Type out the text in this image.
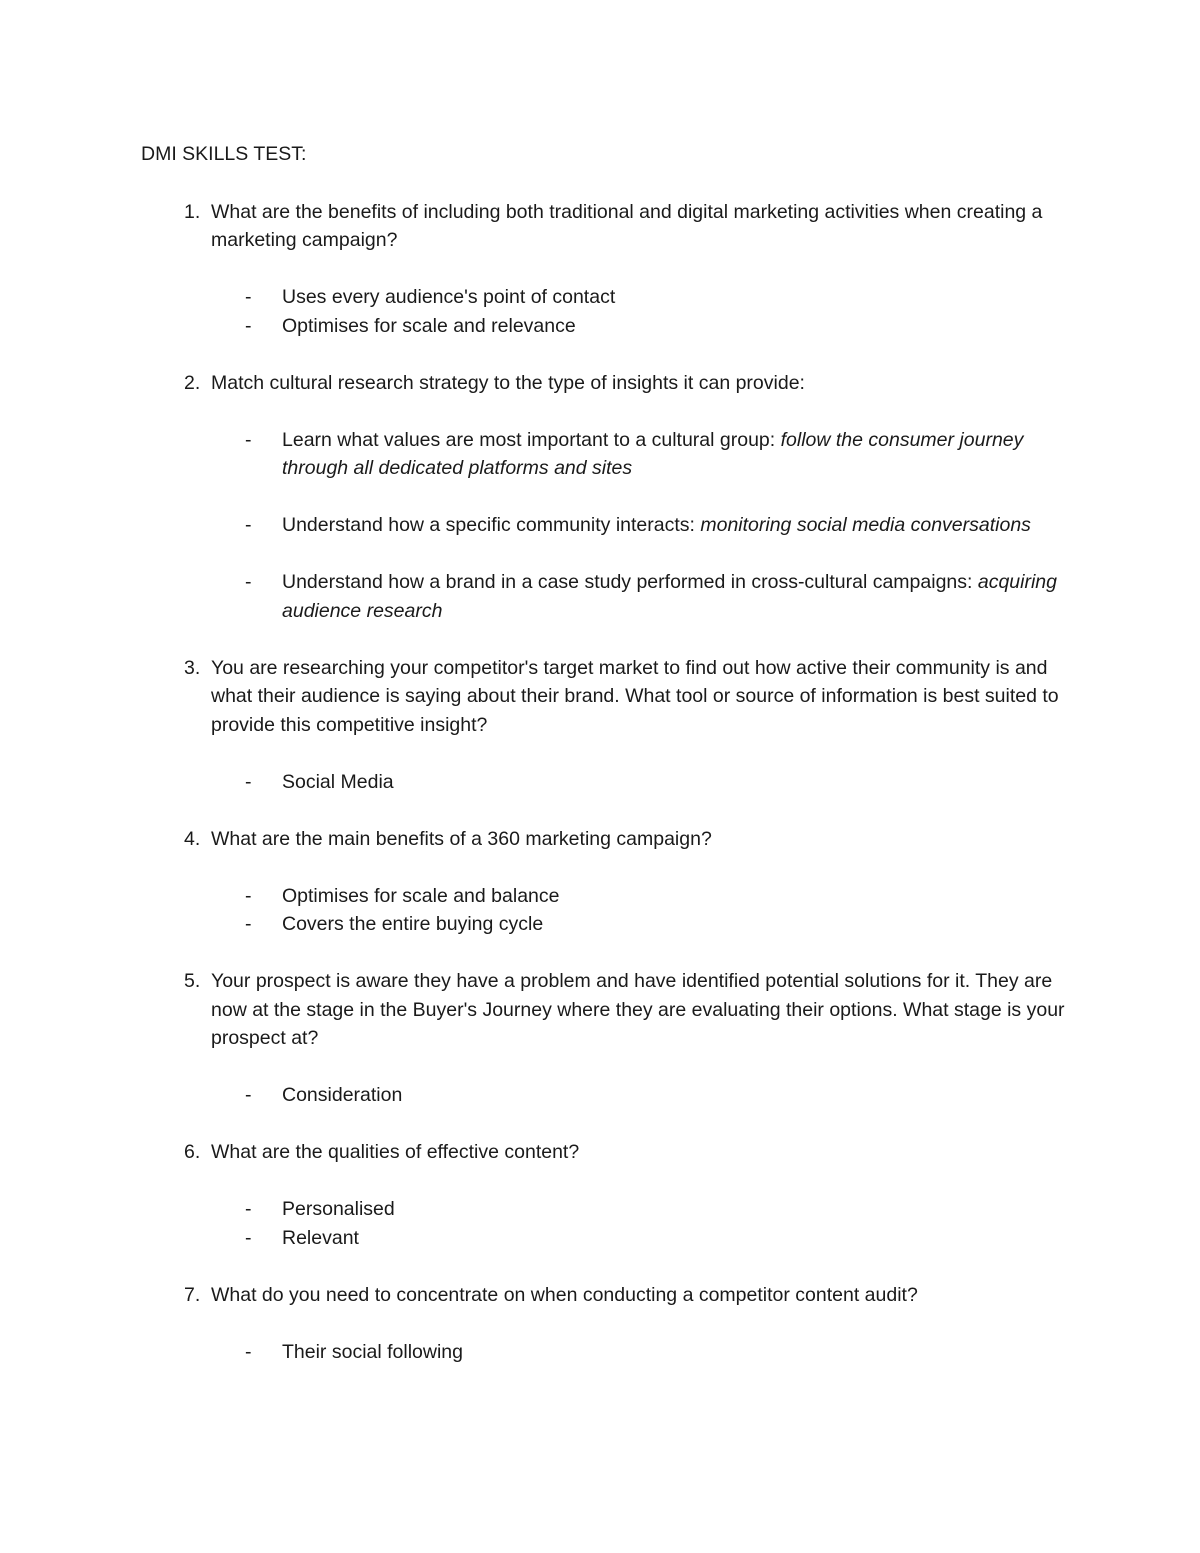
DMI SKILLS TEST:
1. What are the benefits of including both traditional and digital marketing activities when creating a marketing campaign?
-	Uses every audience's point of contact
-	Optimises for scale and relevance
2. Match cultural research strategy to the type of insights it can provide:
-	Learn what values are most important to a cultural group: follow the consumer journey through all dedicated platforms and sites
-	Understand how a specific community interacts: monitoring social media conversations
-	Understand how a brand in a case study performed in cross-cultural campaigns: acquiring audience research
3. You are researching your competitor's target market to find out how active their community is and what their audience is saying about their brand. What tool or source of information is best suited to provide this competitive insight?
-	Social Media
4. What are the main benefits of a 360 marketing campaign?
-	Optimises for scale and balance
-	Covers the entire buying cycle
5. Your prospect is aware they have a problem and have identified potential solutions for it. They are now at the stage in the Buyer's Journey where they are evaluating their options. What stage is your prospect at?
-	Consideration
6. What are the qualities of effective content?
-	Personalised
-	Relevant
7. What do you need to concentrate on when conducting a competitor content audit?
-	Their social following
